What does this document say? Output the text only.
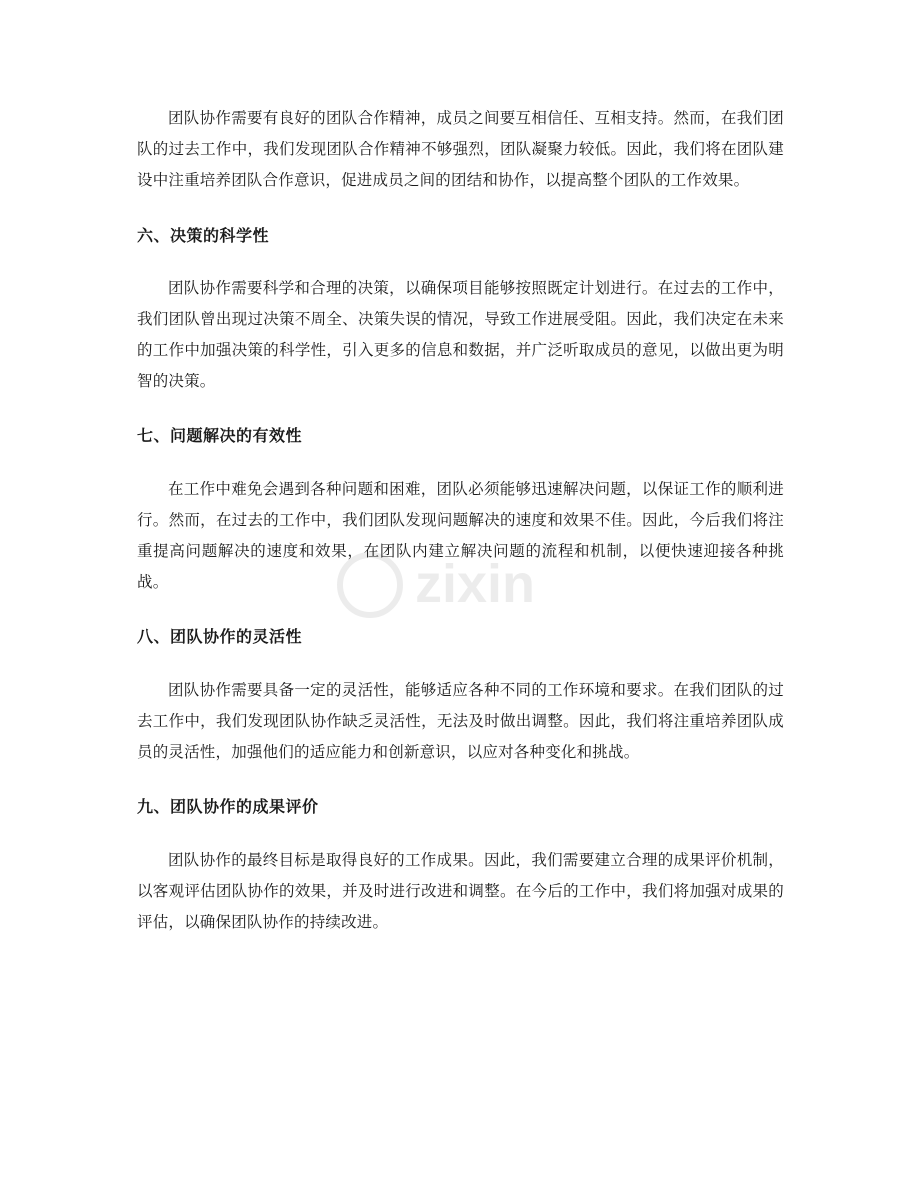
团队协作需要有良好的团队合作精神，成员之间要互相信任、互相支持。然而，在我们团队的过去工作中，我们发现团队合作精神不够强烈，团队凝聚力较低。因此，我们将在团队建设中注重培养团队合作意识，促进成员之间的团结和协作，以提高整个团队的工作效果。

六、决策的科学性

团队协作需要科学和合理的决策，以确保项目能够按照既定计划进行。在过去的工作中，我们团队曾出现过决策不周全、决策失误的情况，导致工作进展受阻。因此，我们决定在未来的工作中加强决策的科学性，引入更多的信息和数据，并广泛听取成员的意见，以做出更为明智的决策。

七、问题解决的有效性

在工作中难免会遇到各种问题和困难，团队必须能够迅速解决问题，以保证工作的顺利进行。然而，在过去的工作中，我们团队发现问题解决的速度和效果不佳。因此，今后我们将注重提高问题解决的速度和效果，在团队内建立解决问题的流程和机制，以便快速迎接各种挑战。

八、团队协作的灵活性

团队协作需要具备一定的灵活性，能够适应各种不同的工作环境和要求。在我们团队的过去工作中，我们发现团队协作缺乏灵活性，无法及时做出调整。因此，我们将注重培养团队成员的灵活性，加强他们的适应能力和创新意识，以应对各种变化和挑战。

九、团队协作的成果评价

团队协作的最终目标是取得良好的工作成果。因此，我们需要建立合理的成果评价机制，以客观评估团队协作的效果，并及时进行改进和调整。在今后的工作中，我们将加强对成果的评估，以确保团队协作的持续改进。

zixin
